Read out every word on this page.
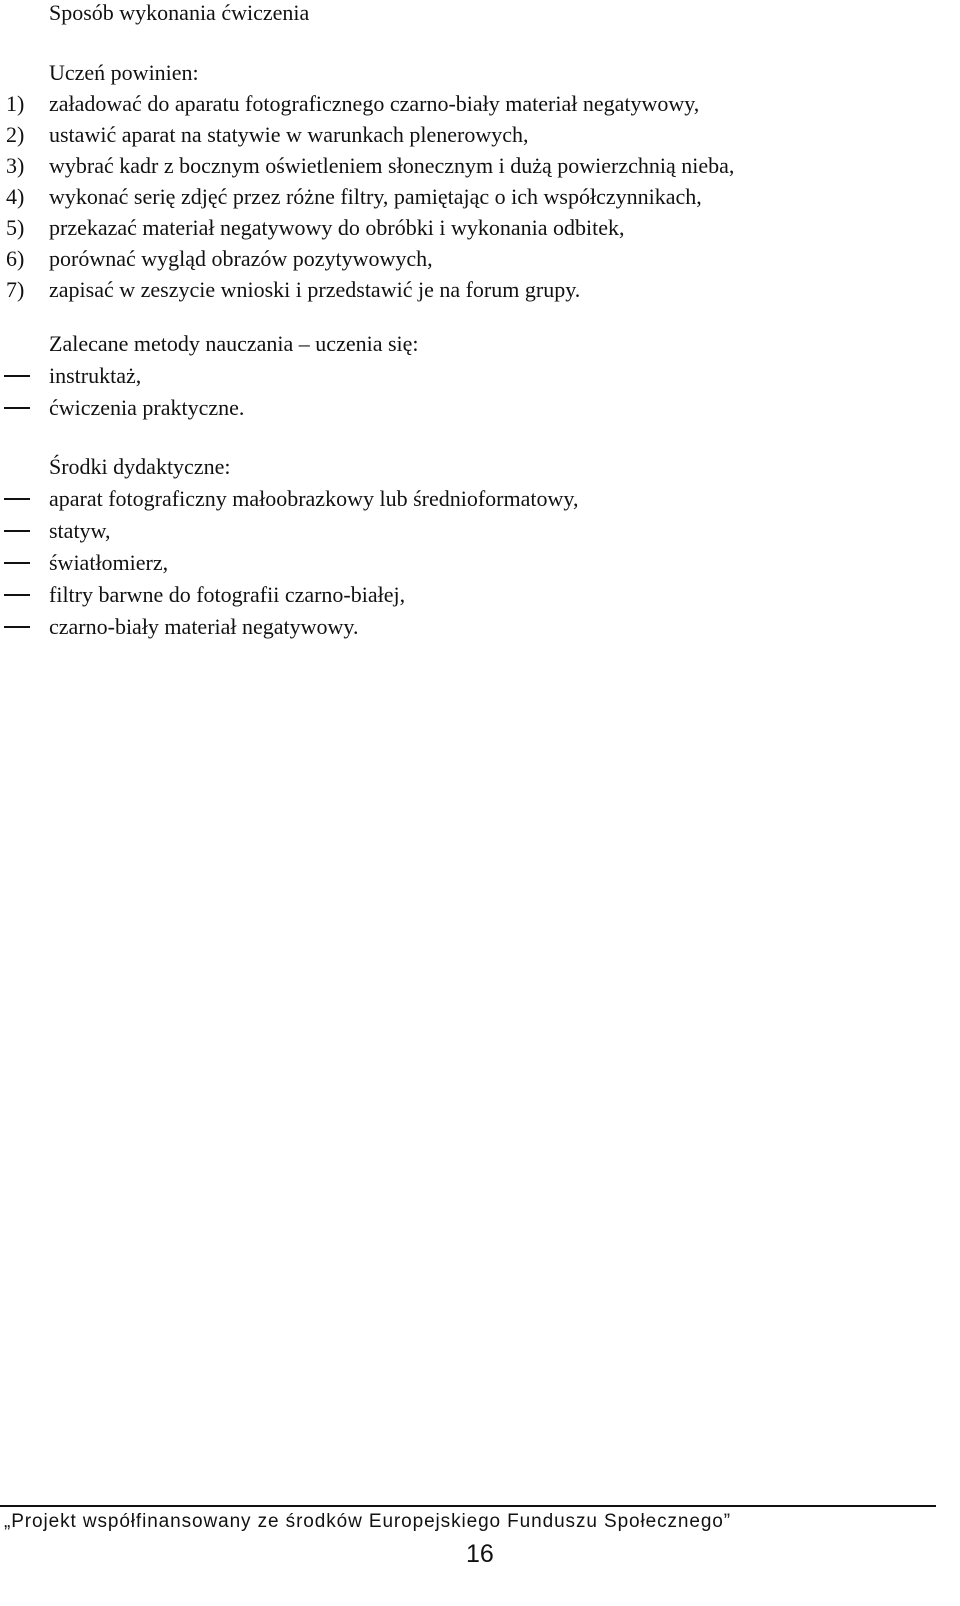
Sposób wykonania ćwiczenia
Uczeń powinien:
1) załadować do aparatu fotograficznego czarno-biały materiał negatywowy,
2) ustawić aparat na statywie w warunkach plenerowych,
3) wybrać kadr z bocznym oświetleniem słonecznym i dużą powierzchnią nieba,
4) wykonać serię zdjęć przez różne filtry, pamiętając o ich współczynnikach,
5) przekazać materiał negatywowy do obróbki i wykonania odbitek,
6) porównać wygląd obrazów pozytywowych,
7) zapisać w zeszycie wnioski i przedstawić je na forum grupy.
Zalecane metody nauczania – uczenia się:
instruktaż,
ćwiczenia praktyczne.
Środki dydaktyczne:
aparat fotograficzny małoobrazkowy lub średnioformatowy,
statyw,
światłomierz,
filtry barwne do fotografii czarno-białej,
czarno-biały materiał negatywowy.
„Projekt współfinansowany ze środków Europejskiego Funduszu Społecznego”
16
